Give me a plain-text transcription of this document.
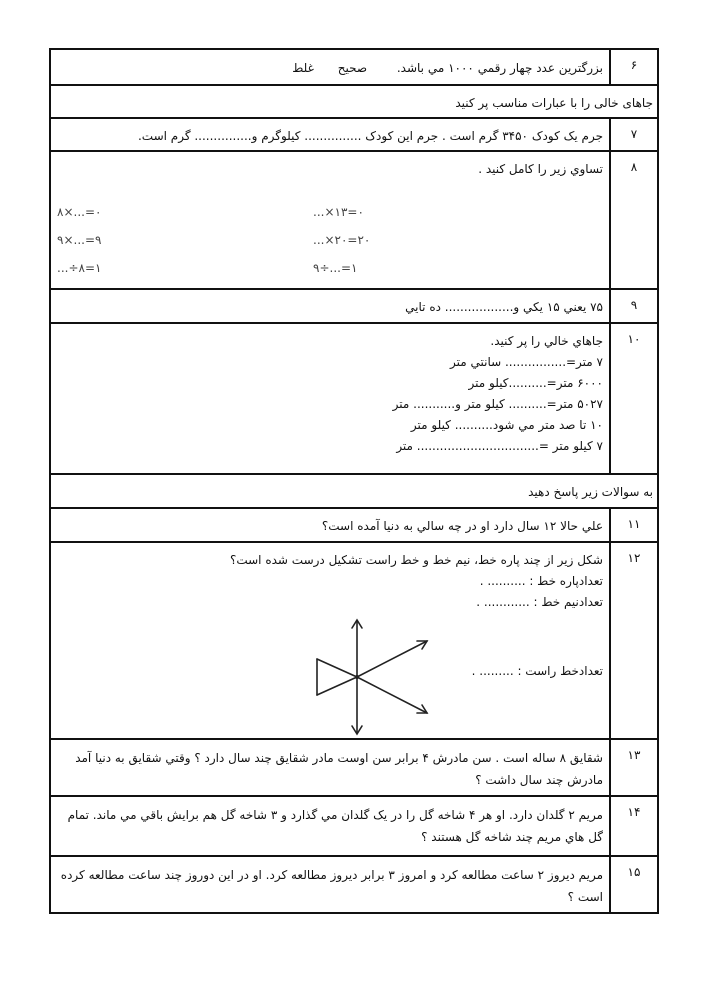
۶
بزرگترین عدد چهار رقمي ۱۰۰۰ مي باشد. صحیح غلط
جاهای خالی را با عبارات مناسب پر کنید
۷
جرم یک کودک ۳۴۵۰ گرم است . جرم این کودک ............... کیلوگرم و............... گرم است.
۸
تساوي زیر را کامل کنید .
۸×...=۰
۹×...=۹
...÷۸=۱
...×۱۳=۰
...×۲۰=۲۰
۹÷...=۱
۹
۷۵ یعني ۱۵ یکي و.................. ده تایي
۱۰
جاهاي خالي را پر کنید.
۷ متر=................ سانتي متر
۶۰۰۰ متر=..........کیلو متر
۵۰۲۷ متر=.......... کیلو متر و........... متر
۱۰ تا صد متر مي شود.......... کیلو متر
۷ کیلو متر =................................ متر
به سوالات زیر پاسخ دهید
۱۱
علي حالا ۱۲ سال دارد او در چه سالي به دنیا آمده است؟
۱۲
شکل زیر از چند پاره خط، نیم خط و خط راست تشکیل درست شده است؟
تعدادپاره خط : .......... .
تعدادنیم خط : ............ .
تعدادخط راست : ......... .
۱۳
شقایق ۸ ساله است . سن مادرش ۴ برابر سن اوست مادر شقایق چند سال دارد ؟ وقتي شقایق به دنیا آمد مادرش چند سال داشت ؟
۱۴
مریم ۲ گلدان دارد. او هر ۴ شاخه گل را در یک گلدان مي گذارد و ۳ شاخه گل هم برایش باقي مي ماند. تمام گل هاي مریم چند شاخه گل هستند ؟
۱۵
مریم دیروز ۲ ساعت مطالعه کرد و امروز ۳ برابر دیروز مطالعه کرد. او در این دوروز چند ساعت مطالعه کرده است ؟
